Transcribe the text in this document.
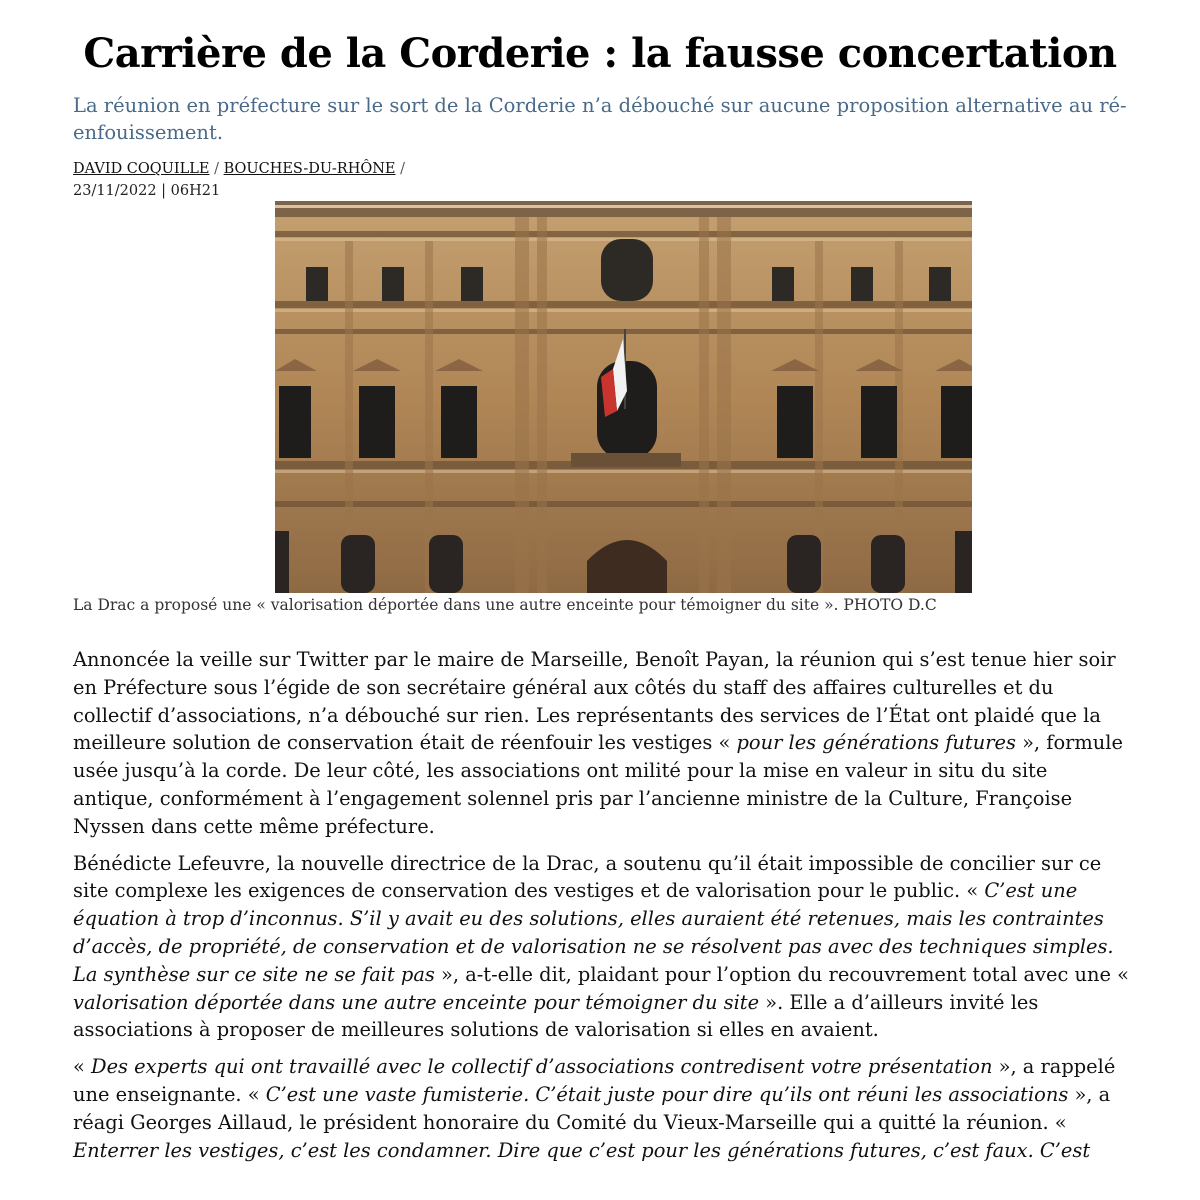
Carrière de la Corderie : la fausse concertation

La réunion en préfecture sur le sort de la Corderie n’a débouché sur aucune proposition alternative au ré-enfouissement.

DAVID COQUILLE / BOUCHES-DU-RHÔNE /
23/11/2022 | 06H21
La Drac a proposé une « valorisation déportée dans une autre enceinte pour témoigner du site ». PHOTO D.C

Annoncée la veille sur Twitter par le maire de Marseille, Benoît Payan, la réunion qui s’est tenue hier soir en Préfecture sous l’égide de son secrétaire général aux côtés du staff des affaires culturelles et du collectif d’associations, n’a débouché sur rien. Les représentants des services de l’État ont plaidé que la meilleure solution de conservation était de réenfouir les vestiges « pour les générations futures », formule usée jusqu’à la corde. De leur côté, les associations ont milité pour la mise en valeur in situ du site antique, conformément à l’engagement solennel pris par l’ancienne ministre de la Culture, Françoise Nyssen dans cette même préfecture.

Bénédicte Lefeuvre, la nouvelle directrice de la Drac, a soutenu qu’il était impossible de concilier sur ce site complexe les exigences de conservation des vestiges et de valorisation pour le public. « C’est une équation à trop d’inconnus. S’il y avait eu des solutions, elles auraient été retenues, mais les contraintes d’accès, de propriété, de conservation et de valorisation ne se résolvent pas avec des techniques simples. La synthèse sur ce site ne se fait pas », a-t-elle dit, plaidant pour l’option du recouvrement total avec une « valorisation déportée dans une autre enceinte pour témoigner du site ». Elle a d’ailleurs invité les associations à proposer de meilleures solutions de valorisation si elles en avaient.

« Des experts qui ont travaillé avec le collectif d’associations contredisent votre présentation », a rappelé une enseignante. « C’est une vaste fumisterie. C’était juste pour dire qu’ils ont réuni les associations », a réagi Georges Aillaud, le président honoraire du Comité du Vieux-Marseille qui a quitté la réunion. « Enterrer les vestiges, c’est les condamner. Dire que c’est pour les générations futures, c’est faux. C’est
